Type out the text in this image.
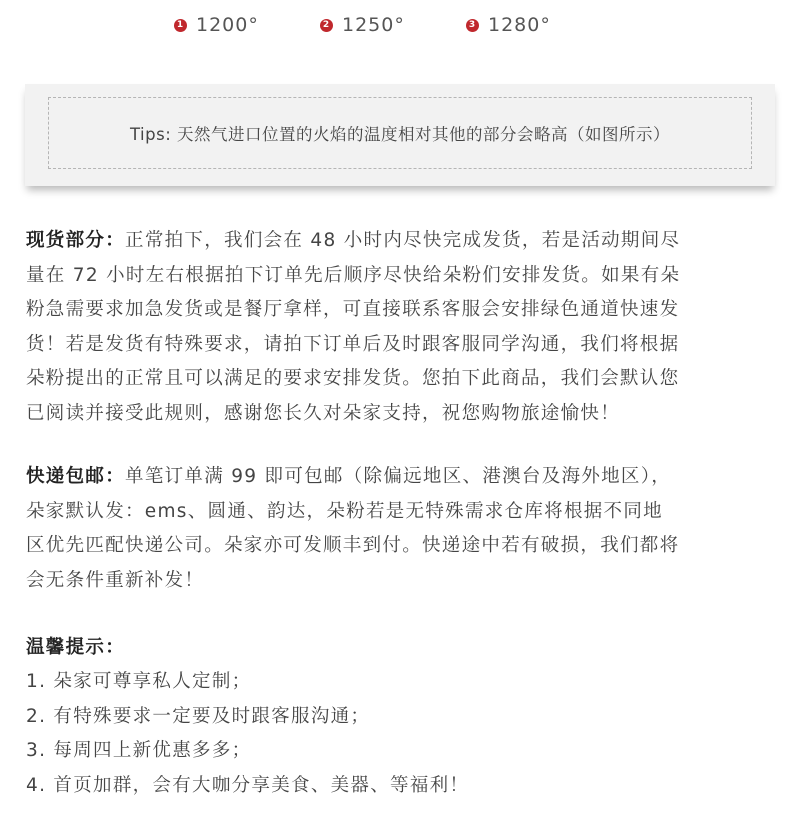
1 1200°	2 1250°	3 1280°
Tips: 天然气进口位置的火焰的温度相对其他的部分会略高（如图所示）
现货部分：正常拍下，我们会在 48 小时内尽快完成发货，若是活动期间尽
量在 72 小时左右根据拍下订单先后顺序尽快给朵粉们安排发货。如果有朵
粉急需要求加急发货或是餐厅拿样，可直接联系客服会安排绿色通道快速发
货！若是发货有特殊要求，请拍下订单后及时跟客服同学沟通，我们将根据
朵粉提出的正常且可以满足的要求安排发货。您拍下此商品，我们会默认您
已阅读并接受此规则，感谢您长久对朵家支持，祝您购物旅途愉快！
快递包邮：单笔订单满 99 即可包邮（除偏远地区、港澳台及海外地区），
朵家默认发：ems、圆通、韵达，朵粉若是无特殊需求仓库将根据不同地
区优先匹配快递公司。朵家亦可发顺丰到付。快递途中若有破损，我们都将
会无条件重新补发！
温馨提示：
1. 朵家可尊享私人定制；
2. 有特殊要求一定要及时跟客服沟通；
3. 每周四上新优惠多多；
4. 首页加群，会有大咖分享美食、美器、等福利！
